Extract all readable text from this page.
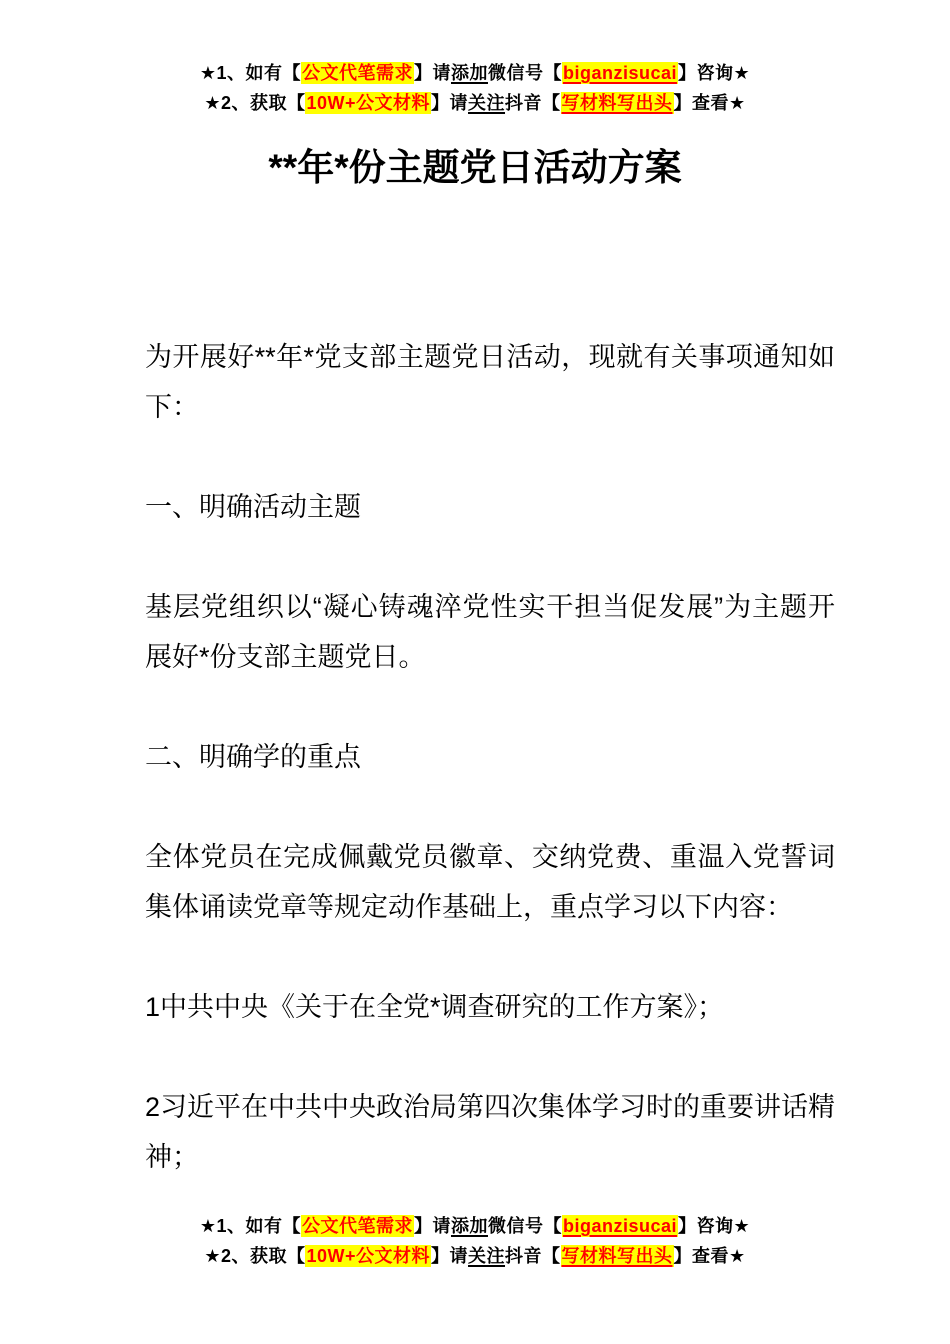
★1、如有【公文代笔需求】请添加微信号【biganzisucai】咨询★

★2、获取【10W+公文材料】请关注抖音【写材料写出头】查看★

**年*份主题党日活动方案

为开展好**年*党支部主题党日活动，现就有关事项通知如下：

一、明确活动主题

基层党组织以“凝心铸魂淬党性实干担当促发展”为主题开展好*份支部主题党日。

二、明确学的重点

全体党员在完成佩戴党员徽章、交纳党费、重温入党誓词集体诵读党章等规定动作基础上，重点学习以下内容：

1中共中央《关于在全党*调查研究的工作方案》；

2习近平在中共中央政治局第四次集体学习时的重要讲话精神；

★1、如有【公文代笔需求】请添加微信号【biganzisucai】咨询★

★2、获取【10W+公文材料】请关注抖音【写材料写出头】查看★
